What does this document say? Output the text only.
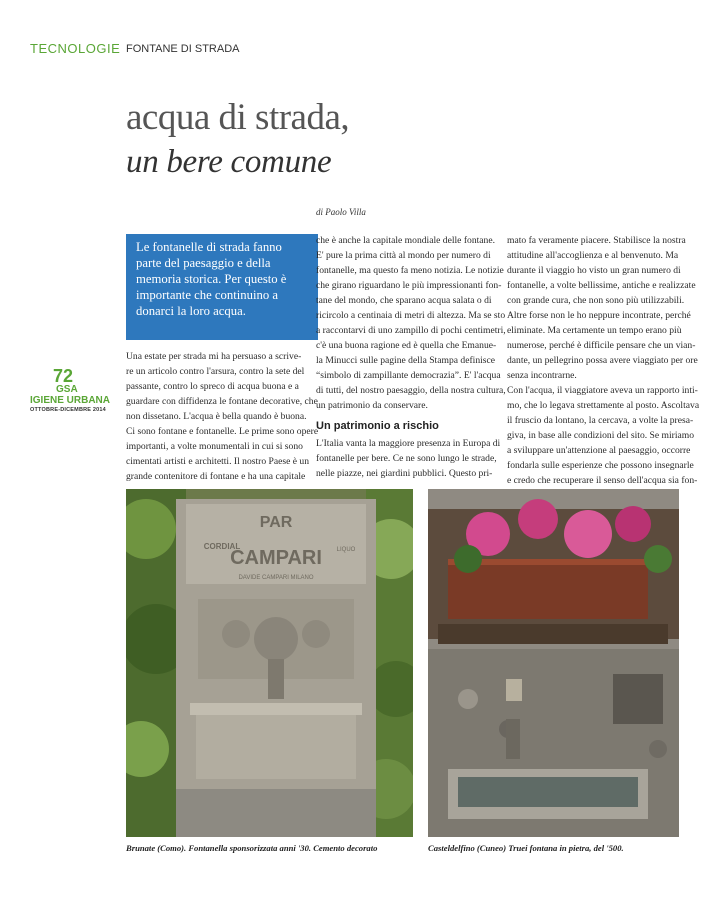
TECNOLOGIE FONTANE DI STRADA
acqua di strada,
un bere comune
di Paolo Villa
Le fontanelle di strada fanno
parte del paesaggio e della
memoria storica. Per questo è
importante che continuino a
donarci la loro acqua.
72
GSA
IGIENE URBANA
OTTOBRE-DICEMBRE 2014
Una estate per strada mi ha persuaso a scrive-
re un articolo contro l'arsura, contro la sete del
passante, contro lo spreco di acqua buona e a
guardare con diffidenza le fontane decorative, che
non dissetano. L'acqua è bella quando è buona.
Ci sono fontane e fontanelle. Le prime sono opere
importanti, a volte monumentali in cui si sono
cimentati artisti e architetti. Il nostro Paese è un
grande contenitore di fontane e ha una capitale
che è anche la capitale mondiale delle fontane.
E' pure la prima città al mondo per numero di
fontanelle, ma questo fa meno notizia. Le notizie
che girano riguardano le più impressionanti fon-
tane del mondo, che sparano acqua salata o di
ricircolo a centinaia di metri di altezza. Ma se sto
a raccontarvi di uno zampillo di pochi centimetri,
c'è una buona ragione ed è quella che Emanue-
la Minucci sulle pagine della Stampa definisce
“simbolo di zampillante democrazia”. E' l'acqua
di tutti, del nostro paesaggio, della nostra cultura,
un patrimonio da conservare.
Un patrimonio a rischio
L'Italia vanta la maggiore presenza in Europa di
fontanelle per bere. Ce ne sono lungo le strade,
nelle piazze, nei giardini pubblici. Questo pri-
mato fa veramente piacere. Stabilisce la nostra
attitudine all'accoglienza e al benvenuto. Ma
durante il viaggio ho visto un gran numero di
fontanelle, a volte bellissime, antiche e realizzate
con grande cura, che non sono più utilizzabili.
Altre forse non le ho neppure incontrate, perché
eliminate. Ma certamente un tempo erano più
numerose, perché è difficile pensare che un vian-
dante, un pellegrino possa avere viaggiato per ore
senza incontrarne.
Con l'acqua, il viaggiatore aveva un rapporto inti-
mo, che lo legava strettamente al posto. Ascoltava
il fruscio da lontano, la cercava, a volte la presa-
giva, in base alle condizioni del sito. Se miriamo
a sviluppare un'attenzione al paesaggio, occorre
fondarla sulle esperienze che possono insegnarle
e credo che recuperare il senso dell'acqua sia fon-
PAR
CORDIAL
CAMPARI LIQUO
DAVIDE CAMPARI MILANO
Brunate (Como). Fontanella sponsorizzata anni '30. Cemento decorato	Casteldelfino (Cuneo) Truei fontana in pietra, del '500.
